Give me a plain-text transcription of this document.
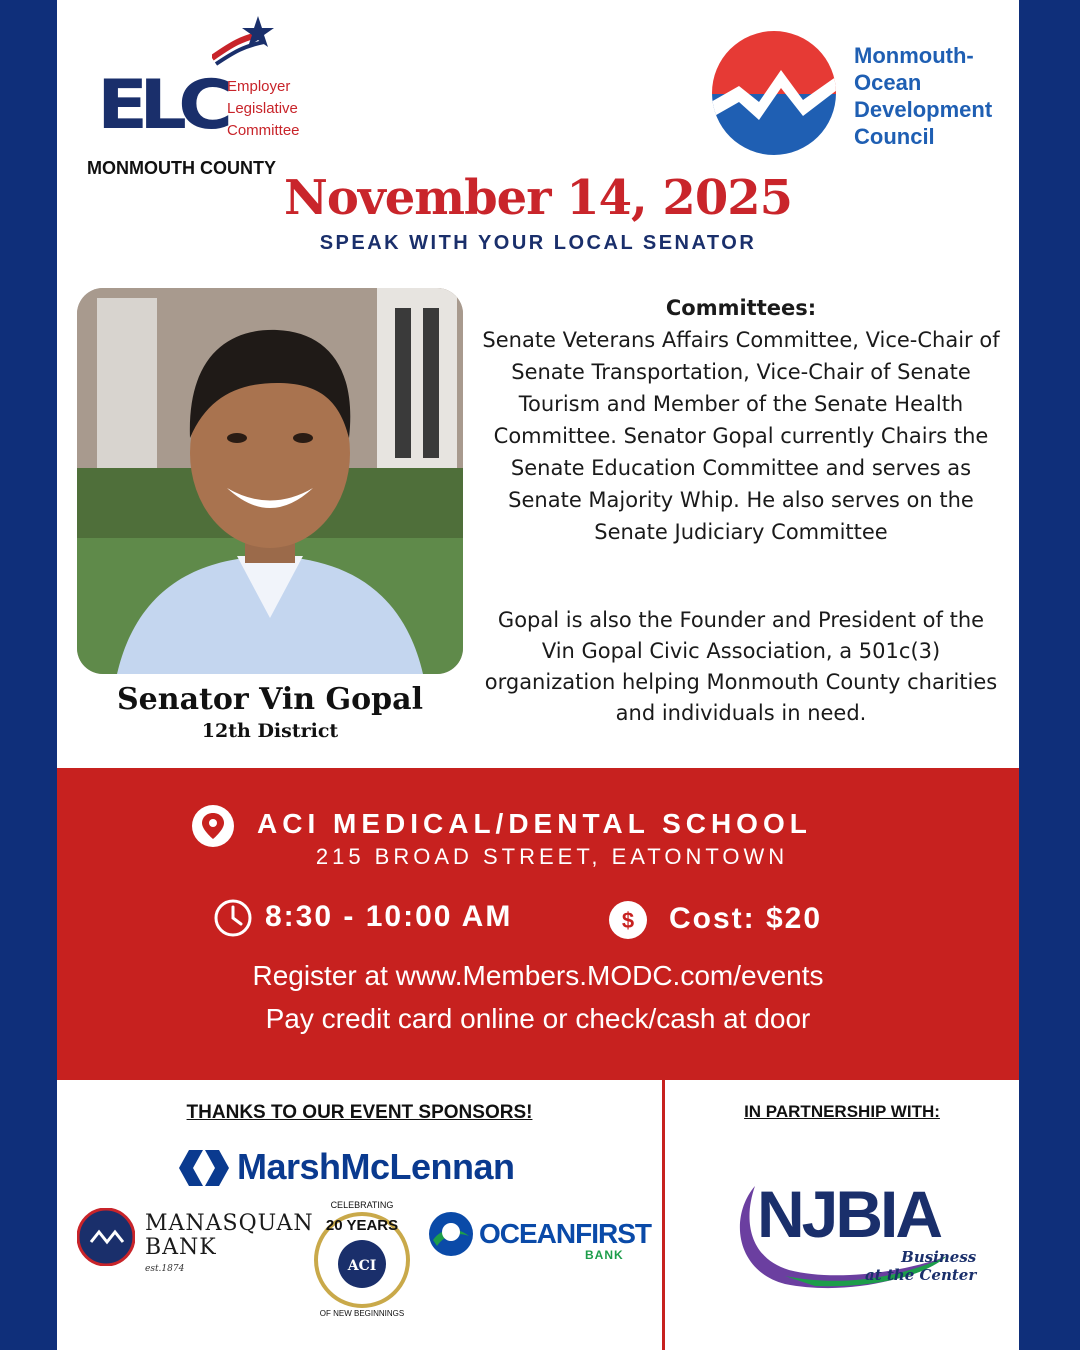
ELC Employer
Legislative
Committee
MONMOUTH COUNTY
Monmouth-
Ocean
Development
Council
November 14, 2025
SPEAK WITH YOUR LOCAL SENATOR
Senator Vin Gopal
12th District
Committees:

Senate Veterans Affairs Committee, Vice-Chair of Senate Transportation, Vice-Chair of Senate Tourism and Member of the Senate Health Committee. Senator Gopal currently Chairs the Senate Education Committee and serves as Senate Majority Whip. He also serves on the Senate Judiciary Committee

Gopal is also the Founder and President of the Vin Gopal Civic Association, a 501c(3) organization helping Monmouth County charities and individuals in need.

ACI MEDICAL/DENTAL SCHOOL
215 BROAD STREET, EATONTOWN
8:30 - 10:00 AM	$ Cost: $20
Register at www.Members.MODC.com/events
Pay credit card online or check/cash at door
THANKS TO OUR EVENT SPONSORS!	IN PARTNERSHIP WITH:
MarshMcLennan
MANASQUAN
BANK
est.1874
CELEBRATING
20 YEARS
ACI
OF NEW BEGINNINGS
OCEANFIRST
BANK
NJBIA
Business
at the Center
